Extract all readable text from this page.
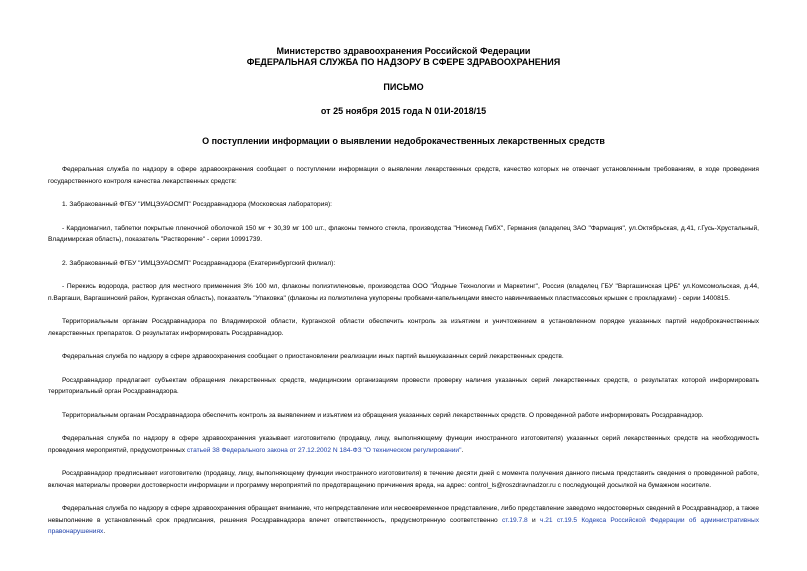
Министерство здравоохранения Российской Федерации
ФЕДЕРАЛЬНАЯ СЛУЖБА ПО НАДЗОРУ В СФЕРЕ ЗДРАВООХРАНЕНИЯ
ПИСЬМО
от 25 ноября 2015 года N 01И-2018/15
О поступлении информации о выявлении недоброкачественных лекарственных средств

Федеральная служба по надзору в сфере здравоохранения сообщает о поступлении информации о выявлении лекарственных средств, качество которых не отвечает установленным требованиям, в ходе проведения государственного контроля качества лекарственных средств:

1. Забракованный ФГБУ "ИМЦЭУАОСМП" Росздравнадзора (Московская лаборатория):

- Кардиомагнил, таблетки покрытые пленочной оболочкой 150 мг + 30,39 мг 100 шт., флаконы темного стекла, производства "Никомед ГмбХ", Германия (владелец ЗАО "Фармация", ул.Октябрьская, д.41, г.Гусь-Хрустальный, Владимирская область), показатель "Растворение" - серии 10991739.

2. Забракованный ФГБУ "ИМЦЭУАОСМП" Росздравнадзора (Екатеринбургский филиал):

- Перекись водорода, раствор для местного применения 3% 100 мл, флаконы полиэтиленовые, производства ООО "Йодные Технологии и Маркетинг", Россия (владелец ГБУ "Варгашинская ЦРБ" ул.Комсомольская, д.44, п.Варгаши, Варгашинский район, Курганская область), показатель "Упаковка" (флаконы из полиэтилена укупорены пробками-капельницами вместо навинчиваемых пластмассовых крышек с прокладками) - серии 1400815.

Территориальным органам Росздравнадзора по Владимирской области, Курганской области обеспечить контроль за изъятием и уничтожением в установленном порядке указанных партий недоброкачественных лекарственных препаратов. О результатах информировать Росздравнадзор.

Федеральная служба по надзору в сфере здравоохранения сообщает о приостановлении реализации иных партий вышеуказанных серий лекарственных средств.

Росздравнадзор предлагает субъектам обращения лекарственных средств, медицинским организациям провести проверку наличия указанных серий лекарственных средств, о результатах которой информировать территориальный орган Росздравнадзора.

Территориальным органам Росздравнадзора обеспечить контроль за выявлением и изъятием из обращения указанных серий лекарственных средств. О проведенной работе информировать Росздравнадзор.

Федеральная служба по надзору в сфере здравоохранения указывает изготовителю (продавцу, лицу, выполняющему функции иностранного изготовителя) указанных серий лекарственных средств на необходимость проведения мероприятий, предусмотренных статьей 38 Федерального закона от 27.12.2002 N 184-ФЗ "О техническом регулировании".

Росздравнадзор предписывает изготовителю (продавцу, лицу, выполняющему функции иностранного изготовителя) в течение десяти дней с момента получения данного письма представить сведения о проведенной работе, включая материалы проверки достоверности информации и программу мероприятий по предотвращению причинения вреда, на адрес: control_ls@roszdravnadzor.ru с последующей досылкой на бумажном носителе.

Федеральная служба по надзору в сфере здравоохранения обращает внимание, что непредставление или несвоевременное представление, либо представление заведомо недостоверных сведений в Росздравнадзор, а также невыполнение в установленный срок предписания, решения Росздравнадзора влечет ответственность, предусмотренную соответственно ст.19.7.8 и ч.21 ст.19.5 Кодекса Российской Федерации об административных правонарушениях.
